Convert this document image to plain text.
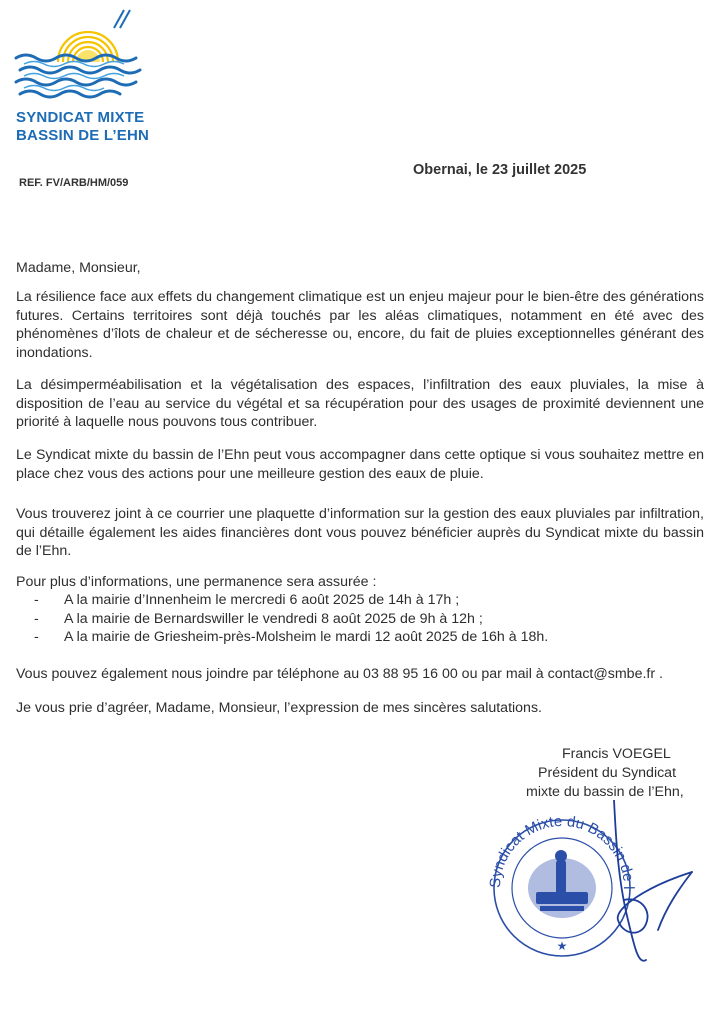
SYNDICAT MIXTE
BASSIN DE L’EHN
Obernai, le 23 juillet 2025
REF. FV/ARB/HM/059
Madame, Monsieur,
La résilience face aux effets du changement climatique est un enjeu majeur pour le bien-être des générations futures. Certains territoires sont déjà touchés par les aléas climatiques, notamment en été avec des phénomènes d’îlots de chaleur et de sécheresse ou, encore, du fait de pluies exceptionnelles générant des inondations.
La désimperméabilisation et la végétalisation des espaces, l’infiltration des eaux pluviales, la mise à disposition de l’eau au service du végétal et sa récupération pour des usages de proximité deviennent une priorité à laquelle nous pouvons tous contribuer.
Le Syndicat mixte du bassin de l’Ehn peut vous accompagner dans cette optique si vous souhaitez mettre en place chez vous des actions pour une meilleure gestion des eaux de pluie.
Vous trouverez joint à ce courrier une plaquette d’information sur la gestion des eaux pluviales par infiltration, qui détaille également les aides financières dont vous pouvez bénéficier auprès du Syndicat mixte du bassin de l’Ehn.
Pour plus d’informations, une permanence sera assurée :
- A la mairie d’Innenheim le mercredi 6 août 2025 de 14h à 17h ;
- A la mairie de Bernardswiller le vendredi 8 août 2025 de 9h à 12h ;
- A la mairie de Griesheim-près-Molsheim le mardi 12 août 2025 de 16h à 18h.
Vous pouvez également nous joindre par téléphone au 03 88 95 16 00 ou par mail à contact@smbe.fr .
Je vous prie d’agréer, Madame, Monsieur, l’expression de mes sincères salutations.
Francis VOEGEL
Président du Syndicat
mixte du bassin de l’Ehn,
Syndicat Mixte du Bassin de l
★
